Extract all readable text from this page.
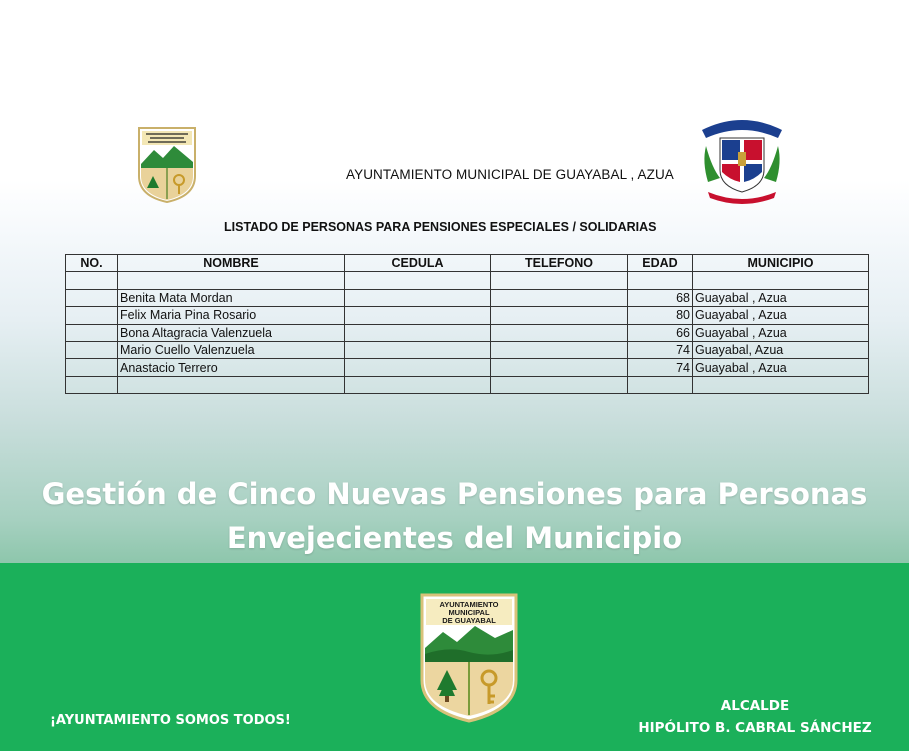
AYUNTAMIENTO MUNICIPAL DE GUAYABAL , AZUA
LISTADO DE PERSONAS PARA PENSIONES ESPECIALES / SOLIDARIAS
NO.	NOMBRE	CEDULA	TELEFONO	EDAD	MUNICIPIO

	Benita Mata Mordan			68	Guayabal , Azua
	Felix Maria Pina Rosario			80	Guayabal , Azua
	Bona Altagracia Valenzuela			66	Guayabal , Azua
	Mario Cuello Valenzuela			74	Guayabal, Azua
	Anastacio Terrero			74	Guayabal , Azua

Gestión de Cinco Nuevas Pensiones para Personas
Envejecientes del Municipio
AYUNTAMIENTO
MUNICIPAL
DE GUAYABAL
¡AYUNTAMIENTO SOMOS TODOS!
ALCALDE
HIPÓLITO B. CABRAL SÁNCHEZ
